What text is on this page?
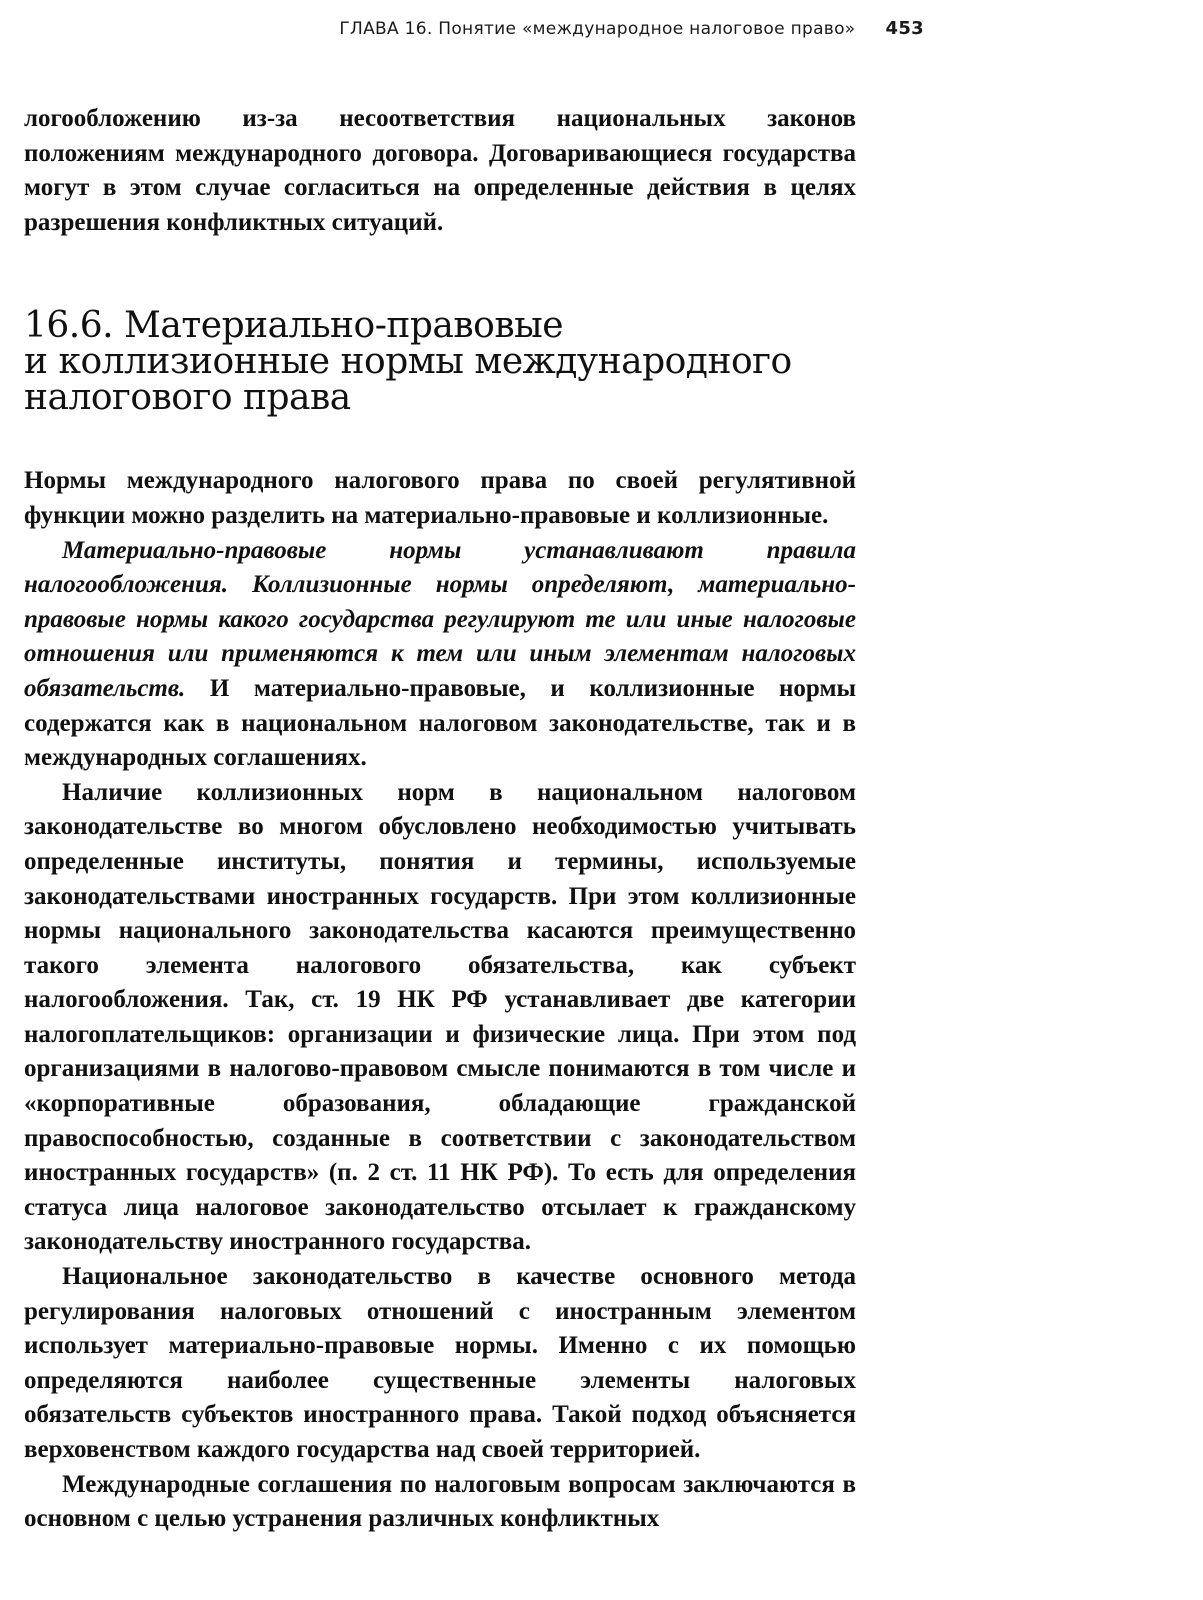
ГЛАВА 16. Понятие «международное налоговое право» 453

логообложению из-за несоответствия национальных законов положениям международного договора. Договаривающиеся государства могут в этом случае согласиться на определенные действия в целях разрешения конфликтных ситуаций.

16.6. Материально-правовые
и коллизионные нормы международного
налогового права

Нормы международного налогового права по своей регулятивной функции можно разделить на материально-правовые и коллизионные.

Материально-правовые нормы устанавливают правила налогообложения. Коллизионные нормы определяют, материально-правовые нормы какого государства регулируют те или иные налоговые отношения или применяются к тем или иным элементам налоговых обязательств. И материально-правовые, и коллизионные нормы содержатся как в национальном налоговом законодательстве, так и в международных соглашениях.

Наличие коллизионных норм в национальном налоговом законодательстве во многом обусловлено необходимостью учитывать определенные институты, понятия и термины, используемые законодательствами иностранных государств. При этом коллизионные нормы национального законодательства касаются преимущественно такого элемента налогового обязательства, как субъект налогообложения. Так, ст. 19 НК РФ устанавливает две категории налогоплательщиков: организации и физические лица. При этом под организациями в налогово-правовом смысле понимаются в том числе и «корпоративные образования, обладающие гражданской правоспособностью, созданные в соответствии с законодательством иностранных государств» (п. 2 ст. 11 НК РФ). То есть для определения статуса лица налоговое законодательство отсылает к гражданскому законодательству иностранного государства.

Национальное законодательство в качестве основного метода регулирования налоговых отношений с иностранным элементом использует материально-правовые нормы. Именно с их помощью определяются наиболее существенные элементы налоговых обязательств субъектов иностранного права. Такой подход объясняется верховенством каждого государства над своей территорией.

Международные соглашения по налоговым вопросам заключаются в основном с целью устранения различных конфликтных
